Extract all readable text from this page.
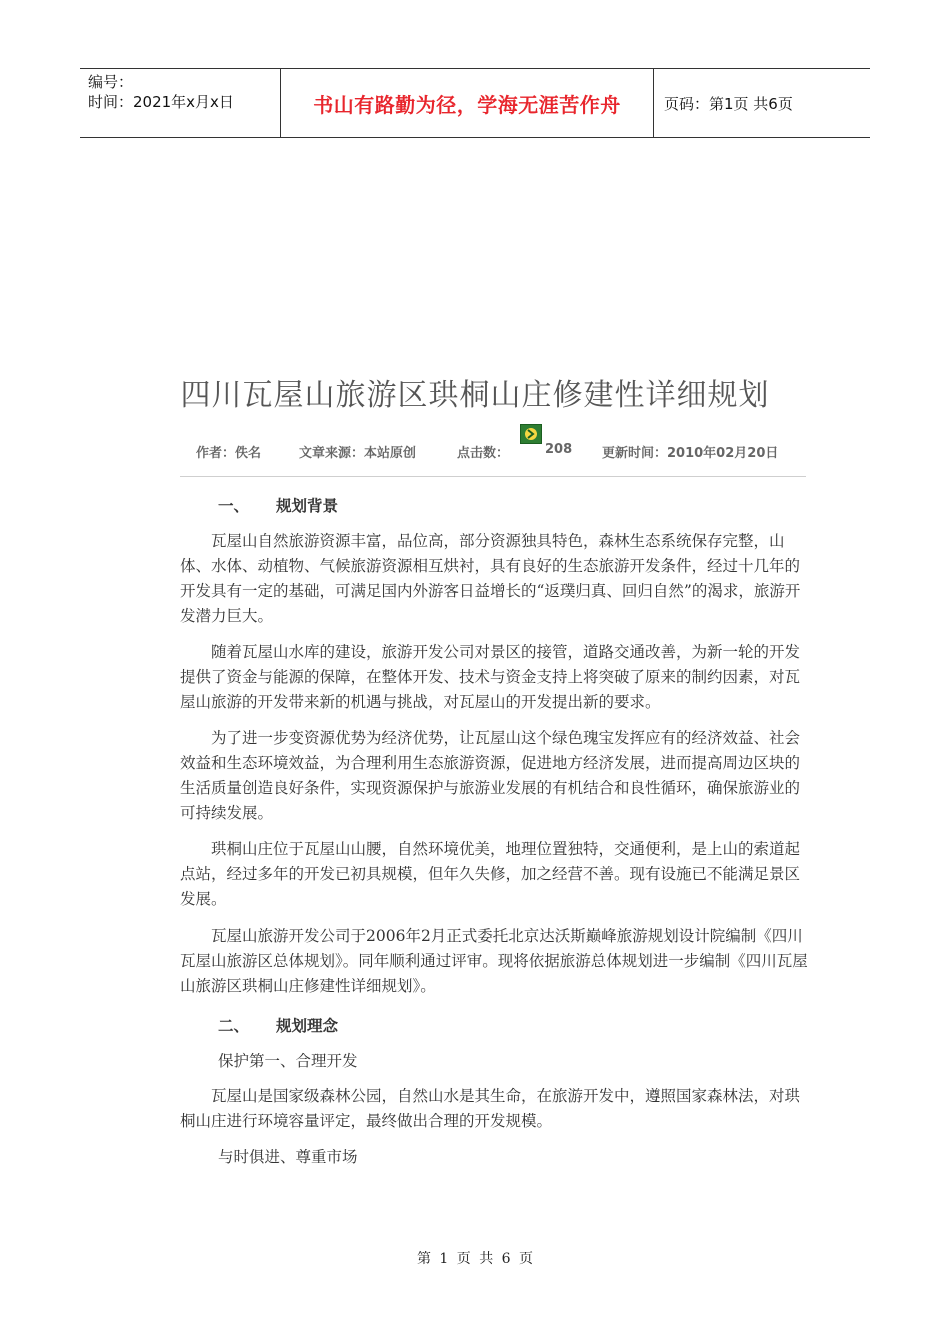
编号：
时间：2021年x月x日	书山有路勤为径，学海无涯苦作舟	页码：第1页 共6页
四川瓦屋山旅游区珙桐山庄修建性详细规划
作者：佚名	文章来源：本站原创	点击数：	208 更新时间：2010年02月20日
一、 规划背景

瓦屋山自然旅游资源丰富，品位高，部分资源独具特色，森林生态系统保存完整，山体、水体、动植物、气候旅游资源相互烘衬，具有良好的生态旅游开发条件，经过十几年的开发具有一定的基础，可满足国内外游客日益增长的“返璞归真、回归自然”的渴求，旅游开发潜力巨大。

随着瓦屋山水库的建设，旅游开发公司对景区的接管，道路交通改善，为新一轮的开发提供了资金与能源的保障，在整体开发、技术与资金支持上将突破了原来的制约因素，对瓦屋山旅游的开发带来新的机遇与挑战，对瓦屋山的开发提出新的要求。

为了进一步变资源优势为经济优势，让瓦屋山这个绿色瑰宝发挥应有的经济效益、社会效益和生态环境效益，为合理利用生态旅游资源，促进地方经济发展，进而提高周边区块的生活质量创造良好条件，实现资源保护与旅游业发展的有机结合和良性循环，确保旅游业的可持续发展。

珙桐山庄位于瓦屋山山腰，自然环境优美，地理位置独特，交通便利，是上山的索道起点站，经过多年的开发已初具规模，但年久失修，加之经营不善。现有设施已不能满足景区发展。

瓦屋山旅游开发公司于2006年2月正式委托北京达沃斯巅峰旅游规划设计院编制《四川瓦屋山旅游区总体规划》。同年顺利通过评审。现将依据旅游总体规划进一步编制《四川瓦屋山旅游区珙桐山庄修建性详细规划》。

二、 规划理念
保护第一、合理开发

瓦屋山是国家级森林公园，自然山水是其生命，在旅游开发中，遵照国家森林法，对珙桐山庄进行环境容量评定，最终做出合理的开发规模。

与时俱进、尊重市场
第 1 页 共 6 页
